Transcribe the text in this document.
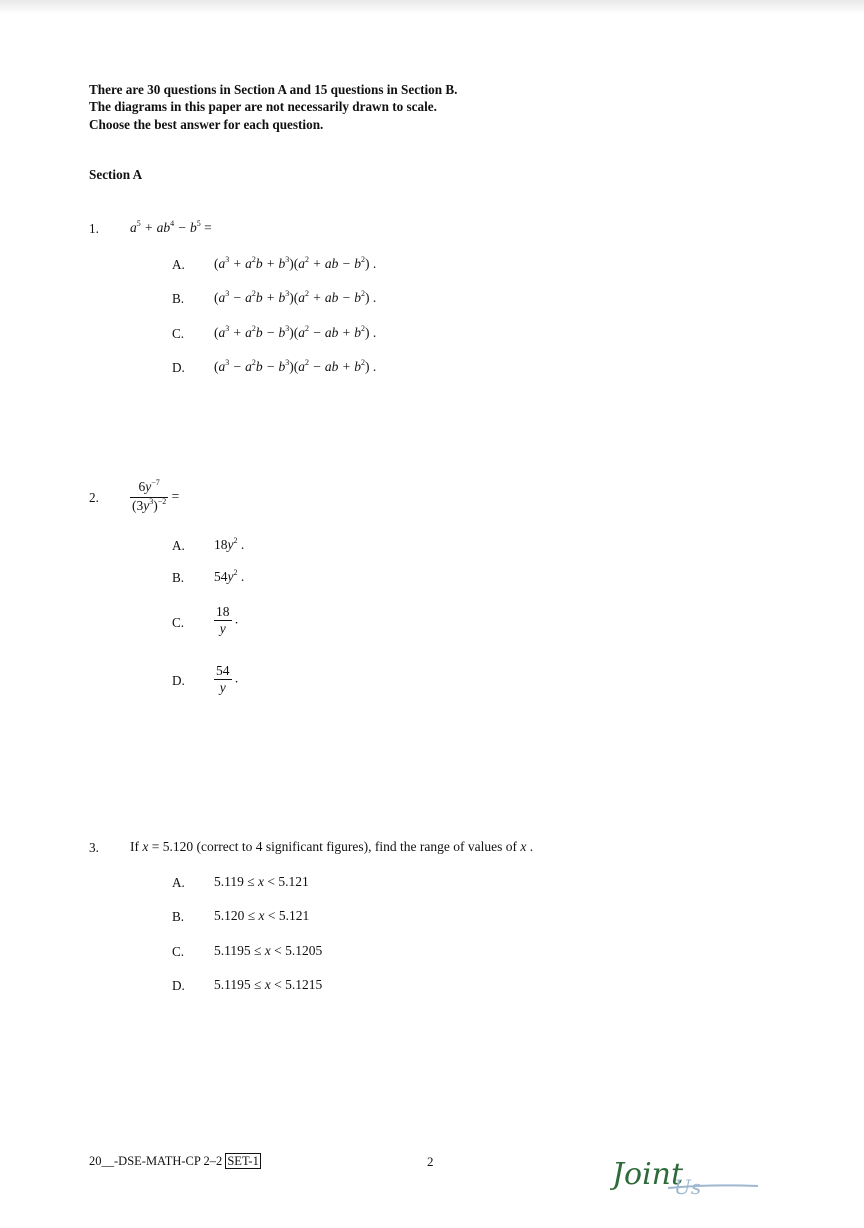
There are 30 questions in Section A and 15 questions in Section B.
The diagrams in this paper are not necessarily drawn to scale.
Choose the best answer for each question.
Section A
1. $a^5 + ab^4 - b^5$ =
A. $(a^3 + a^2b + b^3)(a^2$ + ab − $b^2$) .
B. $(a^3 - a^2b + b^3)(a^2$ + ab − $b^2$) .
C. $(a^3 + a^2b - b^3)(a^2$ − ab + $b^2$) .
D. $(a^3 - a^2b - b^3)(a^2$ − ab + $b^2$) .
2. $\frac{6y^{-7}}{(3y^3)^{-2}}$ =
A. $18y^2$ .
B. $54y^2$ .
C. $\frac{18}{y}$ .
D. $\frac{54}{y}$ .
3. If x = 5.120 (correct to 4 significant figures), find the range of values of x .
A. 5.119 ≤ x < 5.121
B. 5.120 ≤ x < 5.121
C. 5.1195 ≤ x < 5.1205
D. 5.1195 ≤ x < 5.1215
20__-DSE-MATH-CP 2–2 SET-1	2	Joint
Us
